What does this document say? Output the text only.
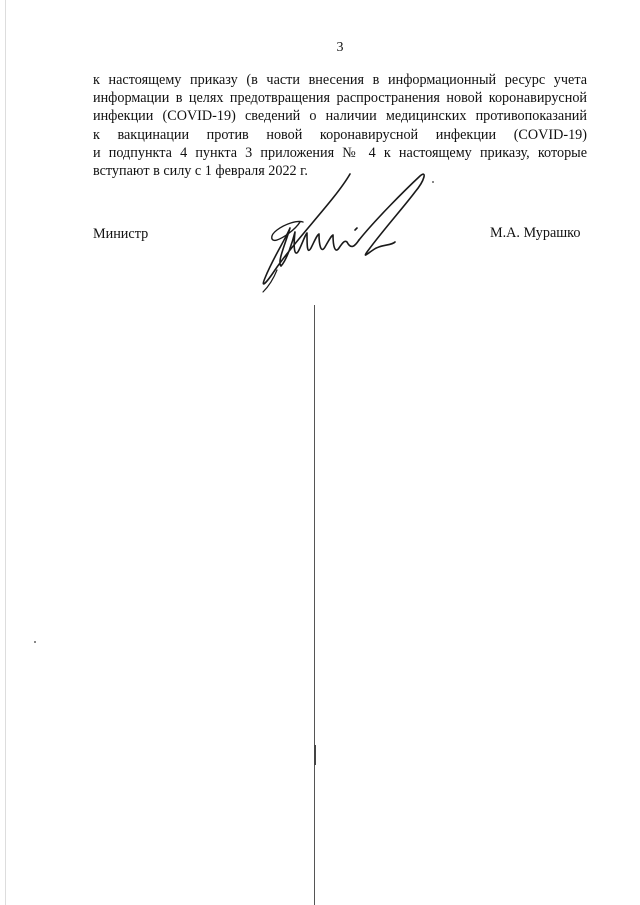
3
к настоящему приказу (в части внесения в информационный ресурс учета
информации в целях предотвращения распространения новой коронавирусной
инфекции (COVID-19) сведений о наличии медицинских противопоказаний
к вакцинации против новой коронавирусной инфекции (COVID-19)
и подпункта 4 пункта 3 приложения № 4 к настоящему приказу, которые
вступают в силу с 1 февраля 2022 г.
Министр	М.А. Мурашко
